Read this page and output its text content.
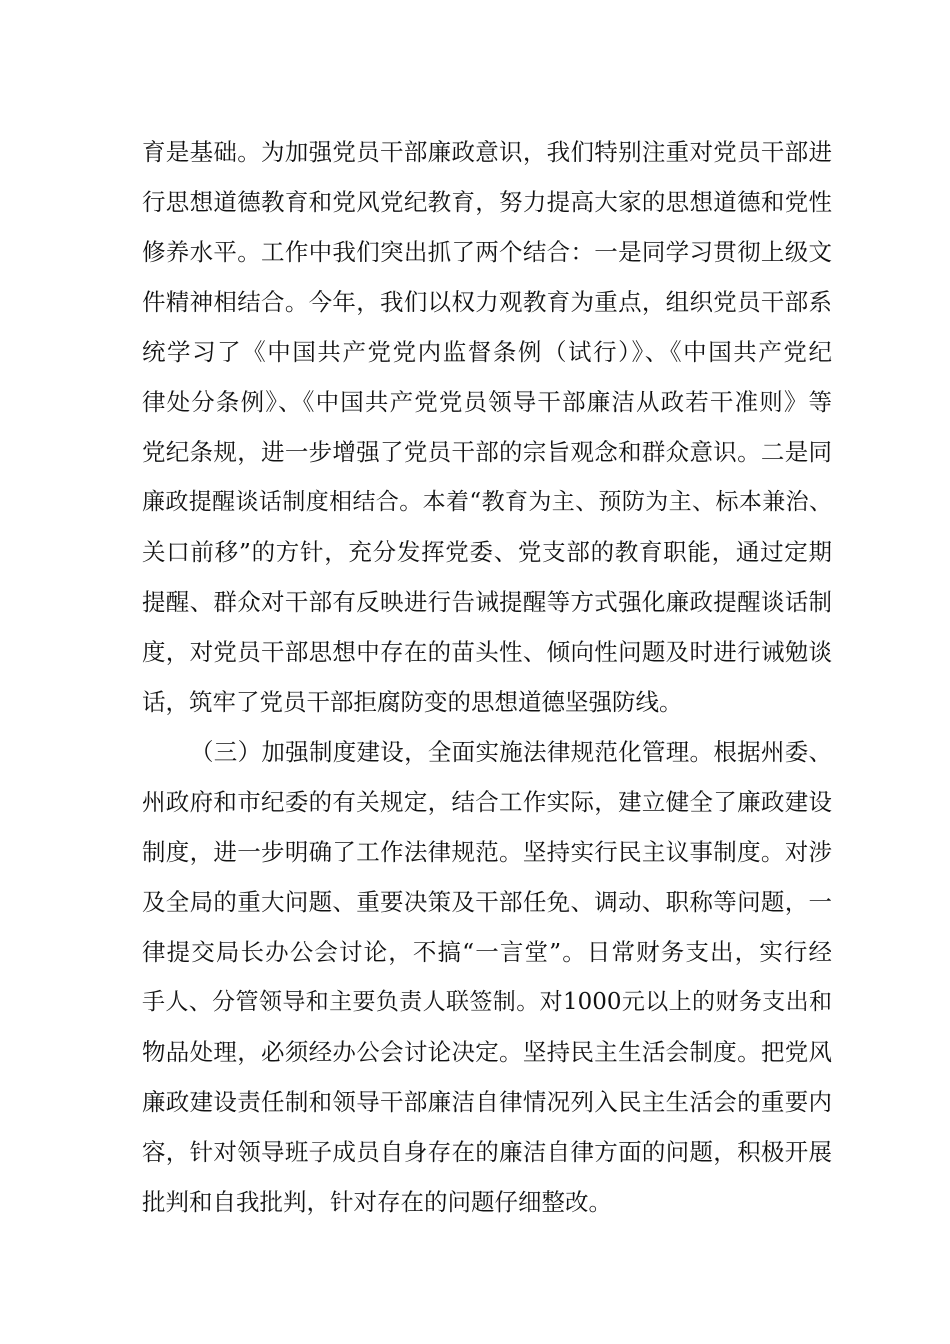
育是基础。为加强党员干部廉政意识，我们特别注重对党员干部进
行思想道德教育和党风党纪教育，努力提高大家的思想道德和党性
修养水平。工作中我们突出抓了两个结合：一是同学习贯彻上级文
件精神相结合。今年，我们以权力观教育为重点，组织党员干部系
统学习了《中国共产党党内监督条例（试行）》、《中国共产党纪
律处分条例》、《中国共产党党员领导干部廉洁从政若干准则》等
党纪条规，进一步增强了党员干部的宗旨观念和群众意识。二是同
廉政提醒谈话制度相结合。本着“教育为主、预防为主、标本兼治、
关口前移”的方针，充分发挥党委、党支部的教育职能，通过定期
提醒、群众对干部有反映进行告诫提醒等方式强化廉政提醒谈话制
度，对党员干部思想中存在的苗头性、倾向性问题及时进行诫勉谈
话，筑牢了党员干部拒腐防变的思想道德坚强防线。
（三）加强制度建设，全面实施法律规范化管理。根据州委、
州政府和市纪委的有关规定，结合工作实际，建立健全了廉政建设
制度，进一步明确了工作法律规范。坚持实行民主议事制度。对涉
及全局的重大问题、重要决策及干部任免、调动、职称等问题，一
律提交局长办公会讨论，不搞“一言堂”。日常财务支出，实行经
手人、分管领导和主要负责人联签制。对1000元以上的财务支出和
物品处理，必须经办公会讨论决定。坚持民主生活会制度。把党风
廉政建设责任制和领导干部廉洁自律情况列入民主生活会的重要内
容，针对领导班子成员自身存在的廉洁自律方面的问题，积极开展
批判和自我批判，针对存在的问题仔细整改。
